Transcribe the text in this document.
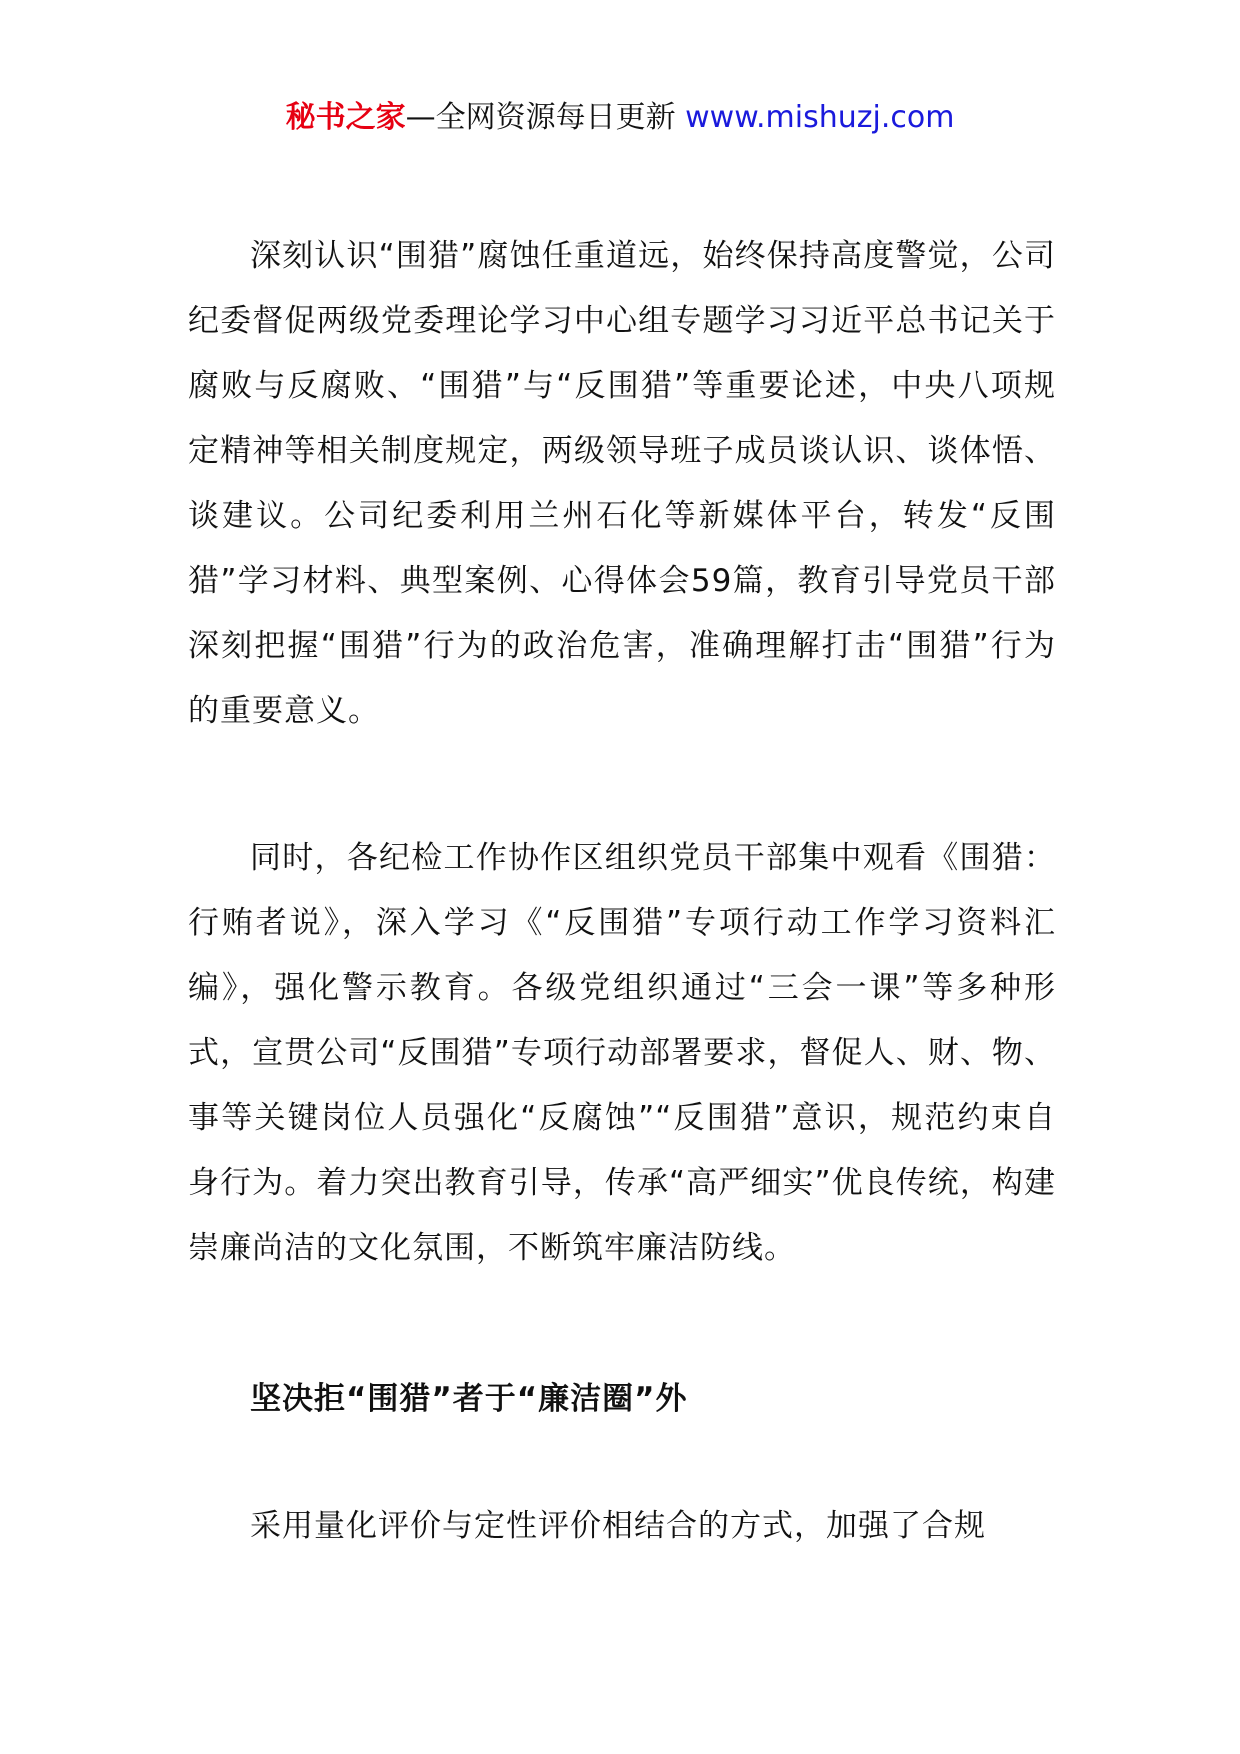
秘书之家—全网资源每日更新 www.mishuzj.com

深刻认识“围猎”腐蚀任重道远，始终保持高度警觉，公司纪委督促两级党委理论学习中心组专题学习习近平总书记关于腐败与反腐败、“围猎”与“反围猎”等重要论述，中央八项规定精神等相关制度规定，两级领导班子成员谈认识、谈体悟、谈建议。公司纪委利用兰州石化等新媒体平台，转发“反围猎”学习材料、典型案例、心得体会59篇，教育引导党员干部深刻把握“围猎”行为的政治危害，准确理解打击“围猎”行为的重要意义。

同时，各纪检工作协作区组织党员干部集中观看《围猎：行贿者说》，深入学习《“反围猎”专项行动工作学习资料汇编》，强化警示教育。各级党组织通过“三会一课”等多种形式，宣贯公司“反围猎”专项行动部署要求，督促人、财、物、事等关键岗位人员强化“反腐蚀”“反围猎”意识，规范约束自身行为。着力突出教育引导，传承“高严细实”优良传统，构建崇廉尚洁的文化氛围，不断筑牢廉洁防线。

坚决拒“围猎”者于“廉洁圈”外

采用量化评价与定性评价相结合的方式，加强了合规
